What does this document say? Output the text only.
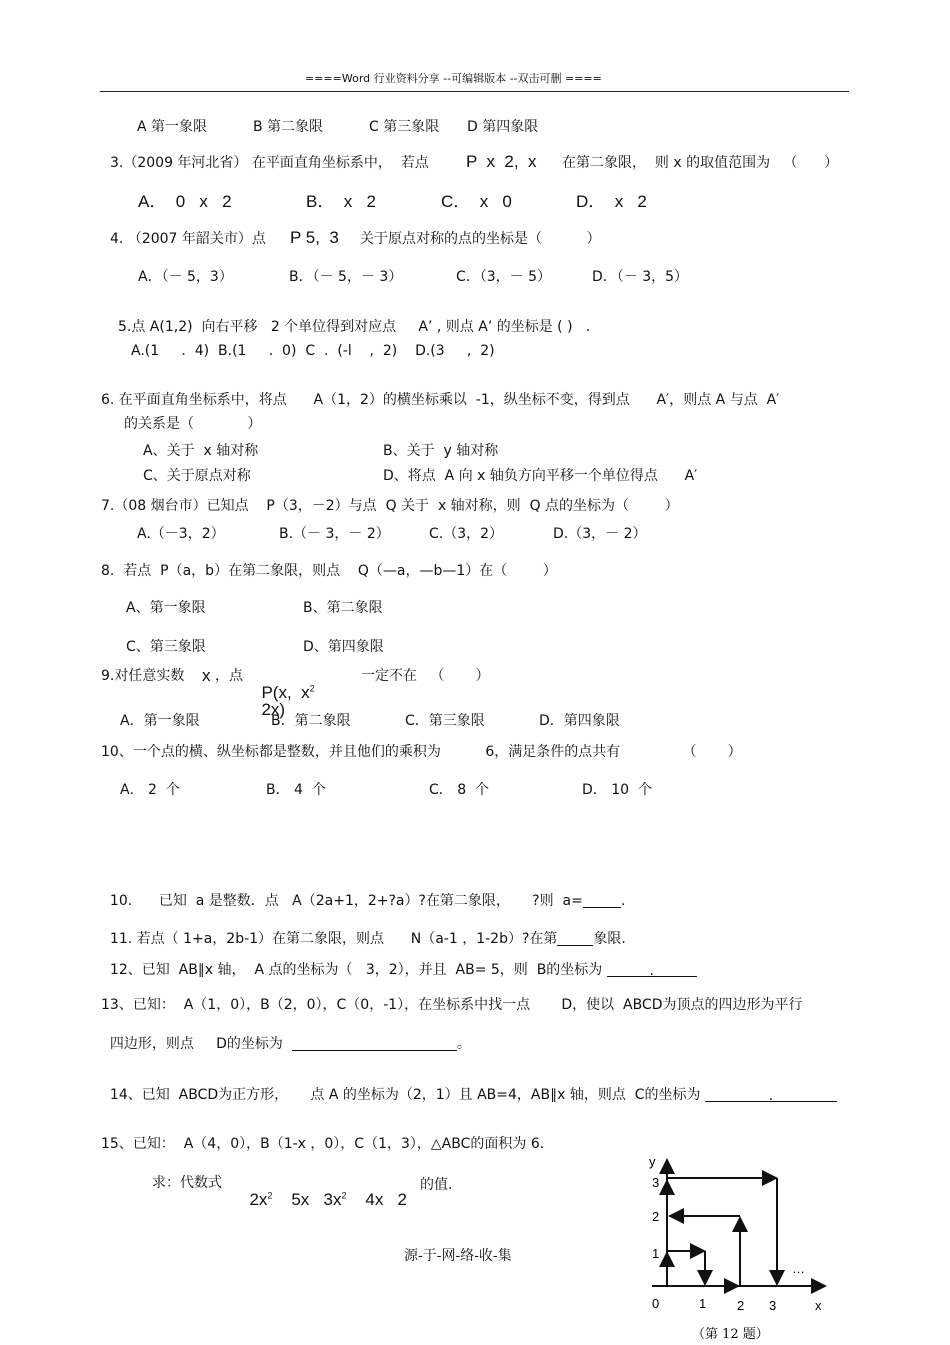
====Word 行业资料分享 --可编辑版本 --双击可删 ====
A 第一象限	B 第二象限	C 第三象限 D 第四象限
3.（2009 年河北省） 在平面直角坐标系中，  若点 P  x  2,  x 在第二象限，  则 x 的取值范围为   （      ）
A．  0   x   2	B．  x   2	C．  x   0	D．  x   2
4. （2007 年韶关市）点 P 5,  3 关于原点对称的点的坐标是（          ）
A．（－ 5，3）	B．（－ 5，－ 3）	C．（3，－ 5）	D．（－ 3，5）
5.点 A(1,2)  向右平移   2 个单位得到对应点     A’ , 则点 A’ 的坐标是 ( )   .
A.(1     .  4)  B.(1     .  0)  C  .  (-l    ,  2)    D.(3     ,  2)
6. 在平面直角坐标系中，将点      A（1，2）的横坐标乘以  -1，纵坐标不变，得到点      A′，则点 A 与点  A′
的关系是（            ）
A、关于  x 轴对称	B、关于  y 轴对称
C、关于原点对称	D、将点  A 向 x 轴负方向平移一个单位得点      A′
7.（08 烟台市）已知点    P（3，－2）与点  Q 关于  x 轴对称，则  Q 点的坐标为（        ）
A.（－3，2）	B.（－ 3，－ 2）	C.（3，2）	D.（3，－ 2）
8.  若点  P（a，b）在第二象限，则点    Q（—a，—b—1）在（        ）
A、第一象限	B、第二象限
C、第三象限	D、第四象限
9.对任意实数 x ，点

P(x,  $x^2$
2x)

一定不在   （       ）
A．第一象限	B．第二象限	C．第三象限	D．第四象限
10、一个点的横、纵坐标都是整数，并且他们的乘积为          6，满足条件的点共有              （       ）
A． 2  个	B． 4  个	C． 8  个	D． 10  个

10.      已知  a 是整数．点   A（2a+1，2+?a）?在第二象限，     ?则  a=	.

11. 若点（ 1+a，2b-1）在第二象限，则点      N（a-1 ，1-2b）?在第	象限.

12、已知  AB∥x 轴，  A 点的坐标为（   3，2），并且  AB= 5，则  B的坐标为	.

13、已知：  A（1，0），B（2，0），C（0，-1），在坐标系中找一点       D，使以  ABCD为顶点的四边形为平行

四边形，则点     D的坐标为	。

14、已知  ABCD为正方形，     点 A 的坐标为（2，1）且 AB=4，AB∥x 轴，则点  C的坐标为	.

15、已知：  A（4，0），B（1-x ，0），C（1，3），△ABC的面积为 6．
求：代数式

$2x^2$ 5x $3x^2$ 4x 2

的值.
源-于-网-络-收-集
y
x
0
1
2
3
1 2 3
…
（第 12 题）
